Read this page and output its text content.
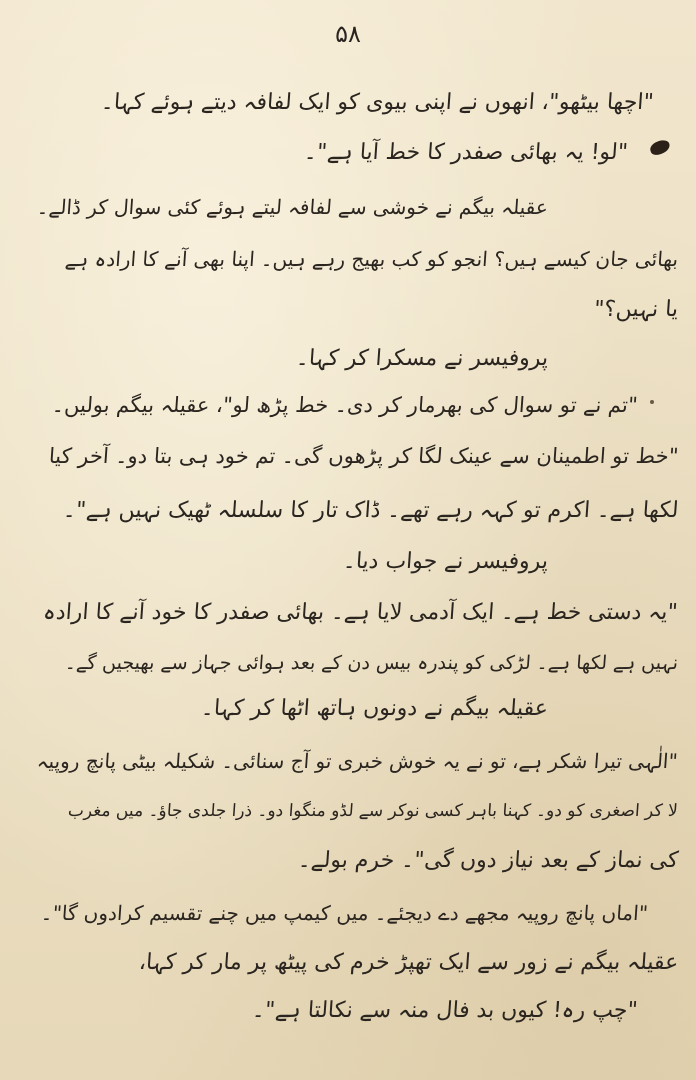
۵۸
"اچھا بیٹھو"، انھوں نے اپنی بیوی کو ایک لفافہ دیتے ہوئے کہا۔
"لو! یہ بھائی صفدر کا خط آیا ہے"۔
عقیلہ بیگم نے خوشی سے لفافہ لیتے ہوئے کئی سوال کر ڈالے۔
بھائی جان کیسے ہیں؟ انجو کو کب بھیج رہے ہیں۔ اپنا بھی آنے کا ارادہ ہے
یا نہیں؟"
پروفیسر نے مسکرا کر کہا۔
"تم نے تو سوال کی بھرمار کر دی۔ خط پڑھ لو"، عقیلہ بیگم بولیں۔
"خط تو اطمینان سے عینک لگا کر پڑھوں گی۔ تم خود ہی بتا دو۔ آخر کیا
لکھا ہے۔ اکرم تو کہہ رہے تھے۔ ڈاک تار کا سلسلہ ٹھیک نہیں ہے"۔
پروفیسر نے جواب دیا۔
"یہ دستی خط ہے۔ ایک آدمی لایا ہے۔ بھائی صفدر کا خود آنے کا ارادہ
نہیں ہے لکھا ہے۔ لڑکی کو پندرہ بیس دن کے بعد ہوائی جہاز سے بھیجیں گے۔
عقیلہ بیگم نے دونوں ہاتھ اٹھا کر کہا۔
"الٰہی تیرا شکر ہے، تو نے یہ خوش خبری تو آج سنائی۔ شکیلہ بیٹی پانچ روپیہ
لا کر اصغری کو دو۔ کہنا باہر کسی نوکر سے لڈو منگوا دو۔ ذرا جلدی جاؤ۔ میں مغرب
کی نماز کے بعد نیاز دوں گی"۔ خرم بولے۔
"اماں پانچ روپیہ مجھے دے دیجئے۔ میں کیمپ میں چنے تقسیم کرادوں گا"۔
عقیلہ بیگم نے زور سے ایک تھپڑ خرم کی پیٹھ پر مار کر کہا،
"چپ رہ! کیوں بد فال منہ سے نکالتا ہے"۔
